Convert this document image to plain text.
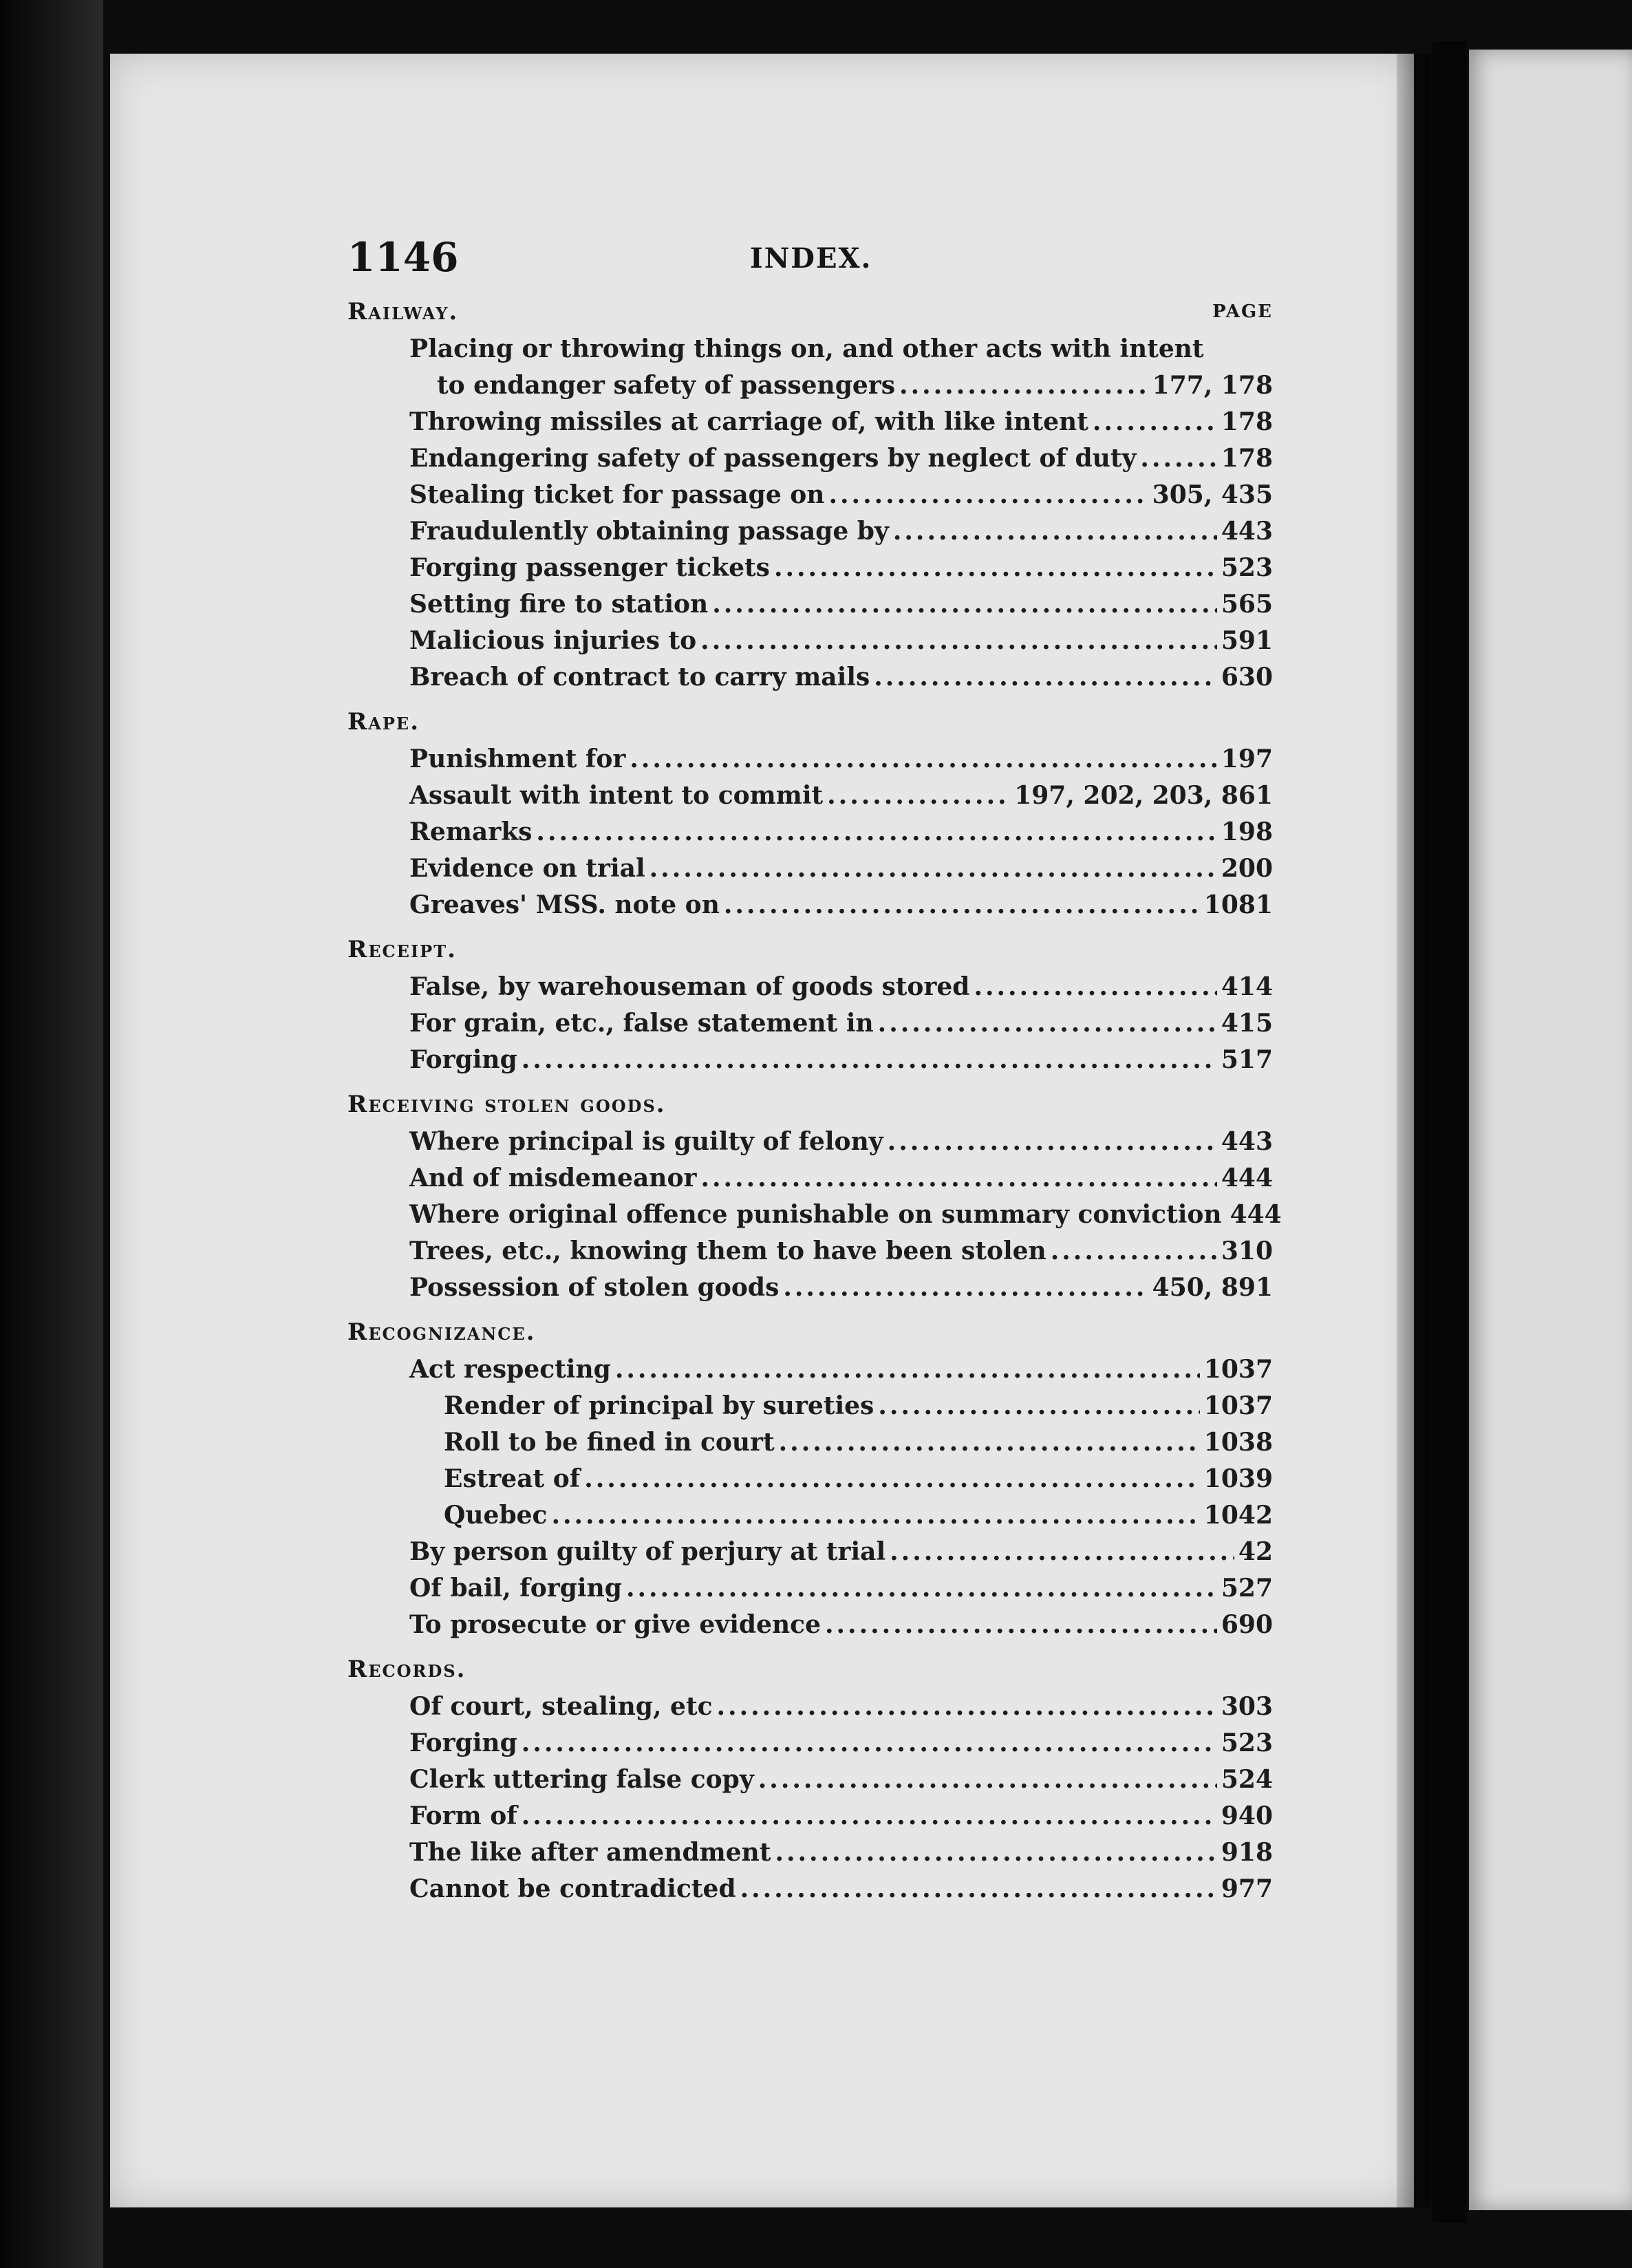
1146	INDEX.
Railway.	PAGE
Placing or throwing things on, and other acts with intent
to endanger safety of passengers .....	177, 178
Throwing missiles at carriage of, with like intent .....	178
Endangering safety of passengers by neglect of duty .....	178
Stealing ticket for passage on .....	305, 435
Fraudulently obtaining passage by .....	443
Forging passenger tickets .....	523
Setting fire to station .....	565
Malicious injuries to .....	591
Breach of contract to carry mails .....	630
Rape.
Punishment for .....	197
Assault with intent to commit .....	197, 202, 203, 861
Remarks .....	198
Evidence on trial .....	200
Greaves' MSS. note on .....	1081
Receipt.
False, by warehouseman of goods stored .....	414
For grain, etc., false statement in .....	415
Forging .....	517
Receiving stolen goods.
Where principal is guilty of felony .....	443
And of misdemeanor .....	444
Where original offence punishable on summary conviction 444
Trees, etc., knowing them to have been stolen .....	310
Possession of stolen goods .....	450, 891
Recognizance.
Act respecting .....	1037
Render of principal by sureties .....	1037
Roll to be fined in court .....	1038
Estreat of .....	1039
Quebec .....	1042
By person guilty of perjury at trial .....	42
Of bail, forging .....	527
To prosecute or give evidence .....	690
Records.
Of court, stealing, etc .....	303
Forging .....	523
Clerk uttering false copy .....	524
Form of .....	940
The like after amendment .....	918
Cannot be contradicted .....	977
